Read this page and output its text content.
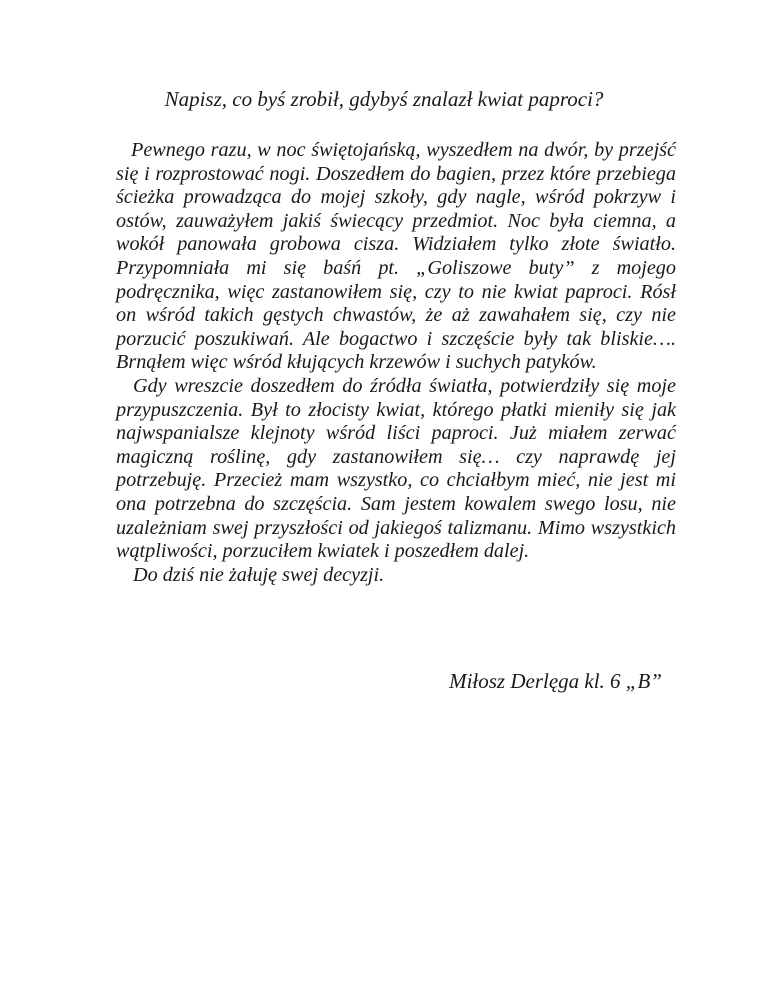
Napisz, co byś zrobił, gdybyś znalazł kwiat paproci?

Pewnego razu, w noc świętojańską, wyszedłem na dwór, by przejść się i rozprostować nogi. Doszedłem do bagien, przez które przebiega ścieżka prowadząca do mojej szkoły, gdy nagle, wśród pokrzyw i ostów, zauważyłem jakiś świecący przedmiot. Noc była ciemna, a wokół panowała grobowa cisza. Widziałem tylko złote światło. Przypomniała mi się baśń pt. „Goliszowe buty” z mojego podręcznika, więc zastanowiłem się, czy to nie kwiat paproci. Rósł on wśród takich gęstych chwastów, że aż zawahałem się, czy nie porzucić poszukiwań. Ale bogactwo i szczęście były tak bliskie…. Brnąłem więc wśród kłujących krzewów i suchych patyków.

Gdy wreszcie doszedłem do źródła światła, potwierdziły się moje przypuszczenia. Był to złocisty kwiat, którego płatki mieniły się jak najwspanialsze klejnoty wśród liści paproci. Już miałem zerwać magiczną roślinę, gdy zastanowiłem się… czy naprawdę jej potrzebuję. Przecież mam wszystko, co chciałbym mieć, nie jest mi ona potrzebna do szczęścia. Sam jestem kowalem swego losu, nie uzależniam swej przyszłości od jakiegoś talizmanu. Mimo wszystkich wątpliwości, porzuciłem kwiatek i poszedłem dalej.

Do dziś nie żałuję swej decyzji.

Miłosz Derlęga kl. 6 „B”
